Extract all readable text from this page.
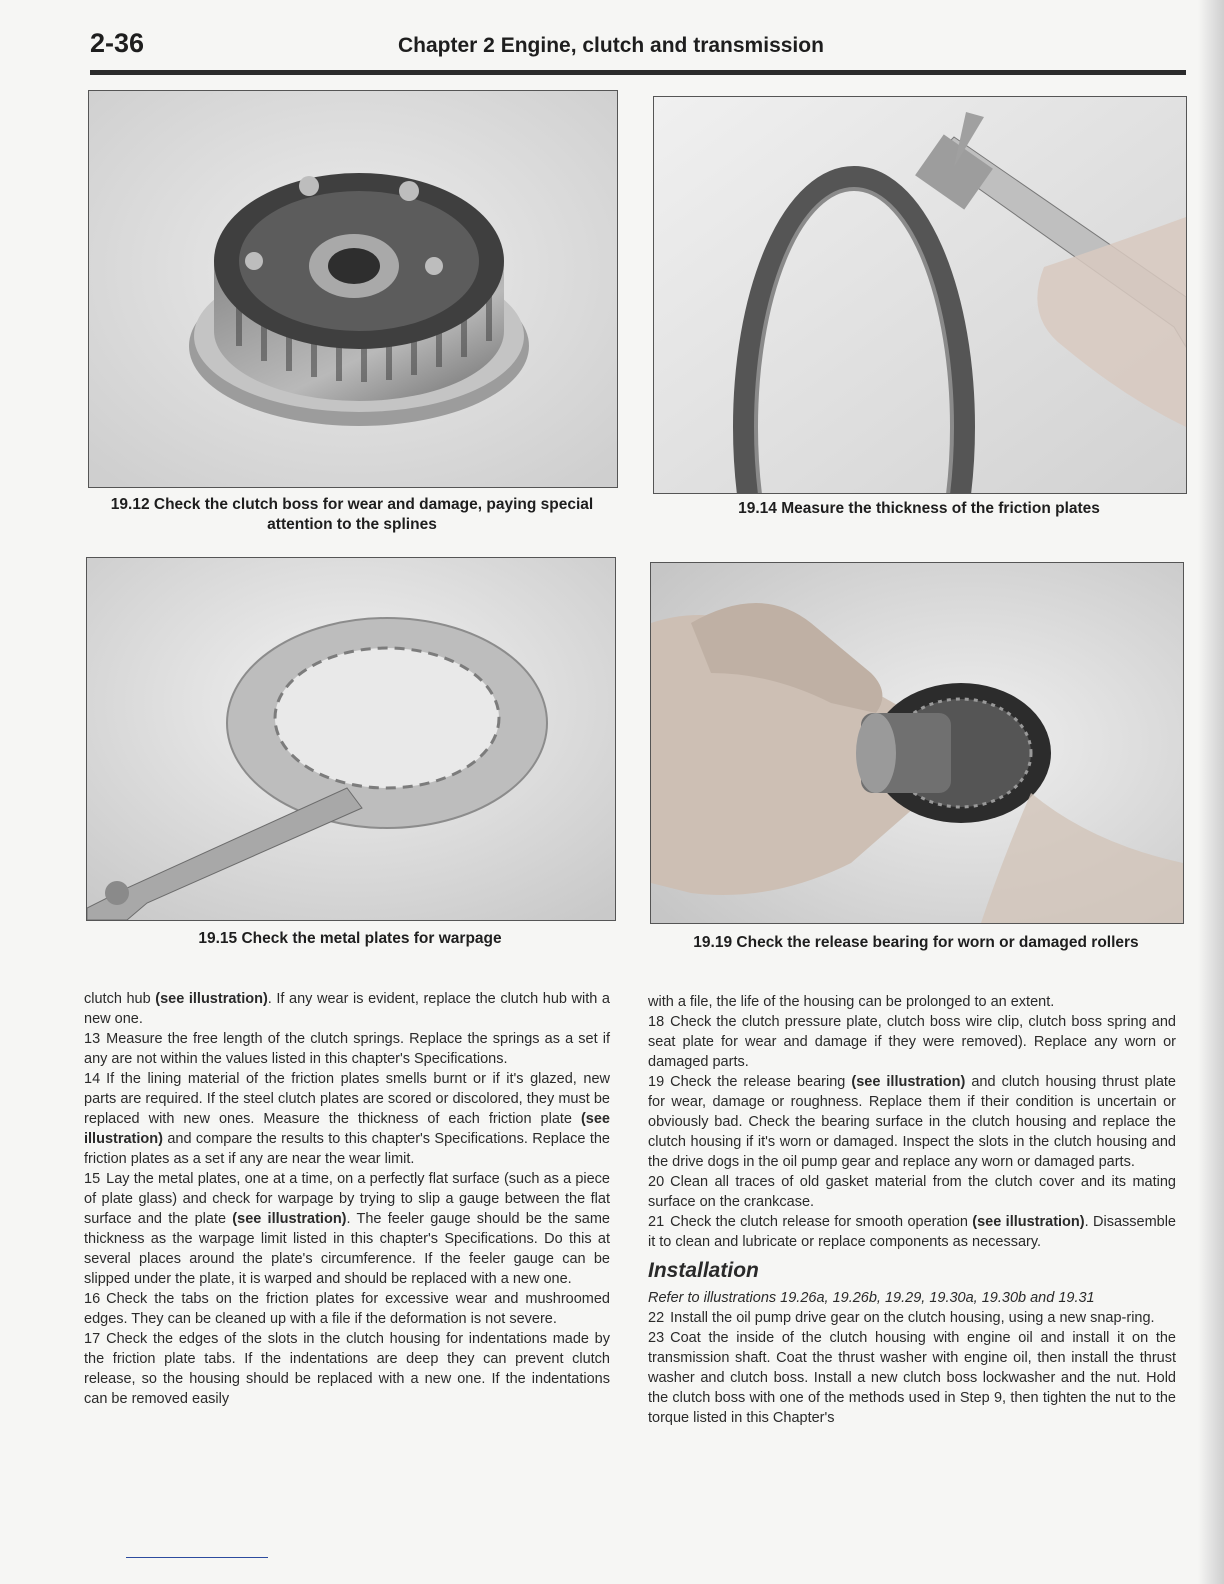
2-36	Chapter 2 Engine, clutch and transmission
19.12 Check the clutch boss for wear and damage, paying special attention to the splines
19.14 Measure the thickness of the friction plates
19.15 Check the metal plates for warpage	19.19 Check the release bearing for worn or damaged rollers

clutch hub (see illustration). If any wear is evident, replace the clutch hub with a new one.

13 Measure the free length of the clutch springs. Replace the springs as a set if any are not within the values listed in this chapter's Specifications.

14 If the lining material of the friction plates smells burnt or if it's glazed, new parts are required. If the steel clutch plates are scored or discolored, they must be replaced with new ones. Measure the thickness of each friction plate (see illustration) and compare the results to this chapter's Specifications. Replace the friction plates as a set if any are near the wear limit.

15 Lay the metal plates, one at a time, on a perfectly flat surface (such as a piece of plate glass) and check for warpage by trying to slip a gauge between the flat surface and the plate (see illustration). The feeler gauge should be the same thickness as the warpage limit listed in this chapter's Specifications. Do this at several places around the plate's circumference. If the feeler gauge can be slipped under the plate, it is warped and should be replaced with a new one.

16 Check the tabs on the friction plates for excessive wear and mushroomed edges. They can be cleaned up with a file if the deformation is not severe.

17 Check the edges of the slots in the clutch housing for indentations made by the friction plate tabs. If the indentations are deep they can prevent clutch release, so the housing should be replaced with a new one. If the indentations can be removed easily

with a file, the life of the housing can be prolonged to an extent.

18 Check the clutch pressure plate, clutch boss wire clip, clutch boss spring and seat plate for wear and damage if they were removed). Replace any worn or damaged parts.

19 Check the release bearing (see illustration) and clutch housing thrust plate for wear, damage or roughness. Replace them if their condition is uncertain or obviously bad. Check the bearing surface in the clutch housing and replace the clutch housing if it's worn or damaged. Inspect the slots in the clutch housing and the drive dogs in the oil pump gear and replace any worn or damaged parts.

20 Clean all traces of old gasket material from the clutch cover and its mating surface on the crankcase.

21 Check the clutch release for smooth operation (see illustration). Disassemble it to clean and lubricate or replace components as necessary.

Installation

Refer to illustrations 19.26a, 19.26b, 19.29, 19.30a, 19.30b and 19.31

22 Install the oil pump drive gear on the clutch housing, using a new snap-ring.

23 Coat the inside of the clutch housing with engine oil and install it on the transmission shaft. Coat the thrust washer with engine oil, then install the thrust washer and clutch boss. Install a new clutch boss lockwasher and the nut. Hold the clutch boss with one of the methods used in Step 9, then tighten the nut to the torque listed in this Chapter's
